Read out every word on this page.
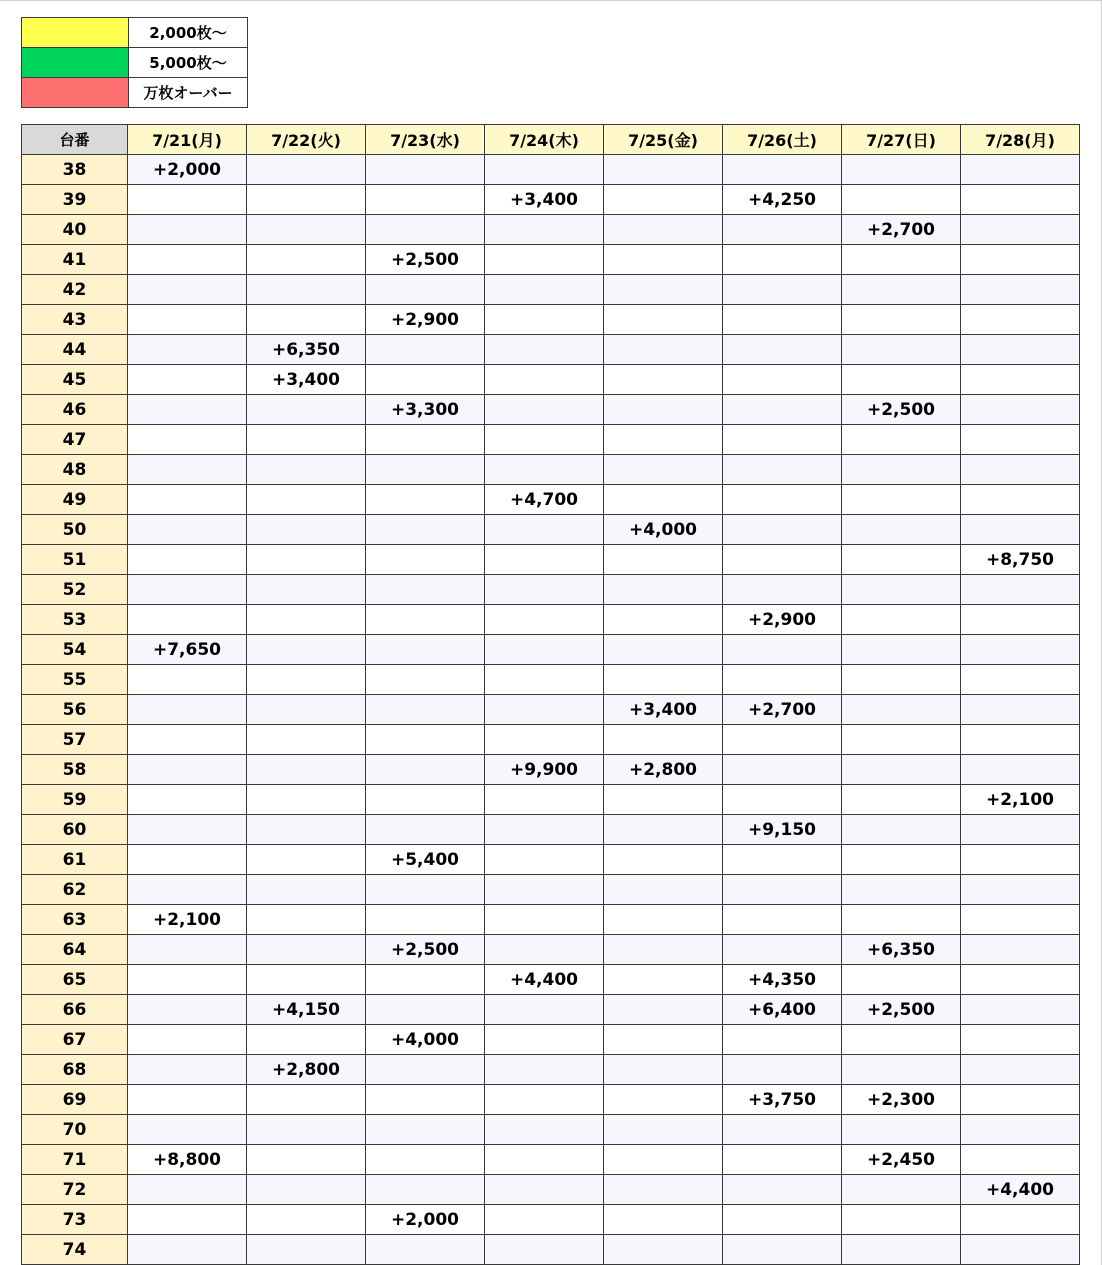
	2,000枚〜
	5,000枚〜
	万枚オーバー
台番	7/21(月)	7/22(火)	7/23(水)	7/24(木)	7/25(金)	7/26(土)	7/27(日)	7/28(月)
38	+2,000							
39				+3,400		+4,250		
40							+2,700	
41			+2,500					
42								
43			+2,900					
44		+6,350						
45		+3,400						
46			+3,300				+2,500	
47								
48								
49				+4,700				
50					+4,000			
51								+8,750
52								
53						+2,900		
54	+7,650							
55								
56					+3,400	+2,700		
57								
58				+9,900	+2,800			
59								+2,100
60						+9,150		
61			+5,400					
62								
63	+2,100							
64			+2,500				+6,350	
65				+4,400		+4,350		
66		+4,150				+6,400	+2,500	
67			+4,000					
68		+2,800						
69						+3,750	+2,300	
70								
71	+8,800						+2,450	
72								+4,400
73			+2,000					
74								
